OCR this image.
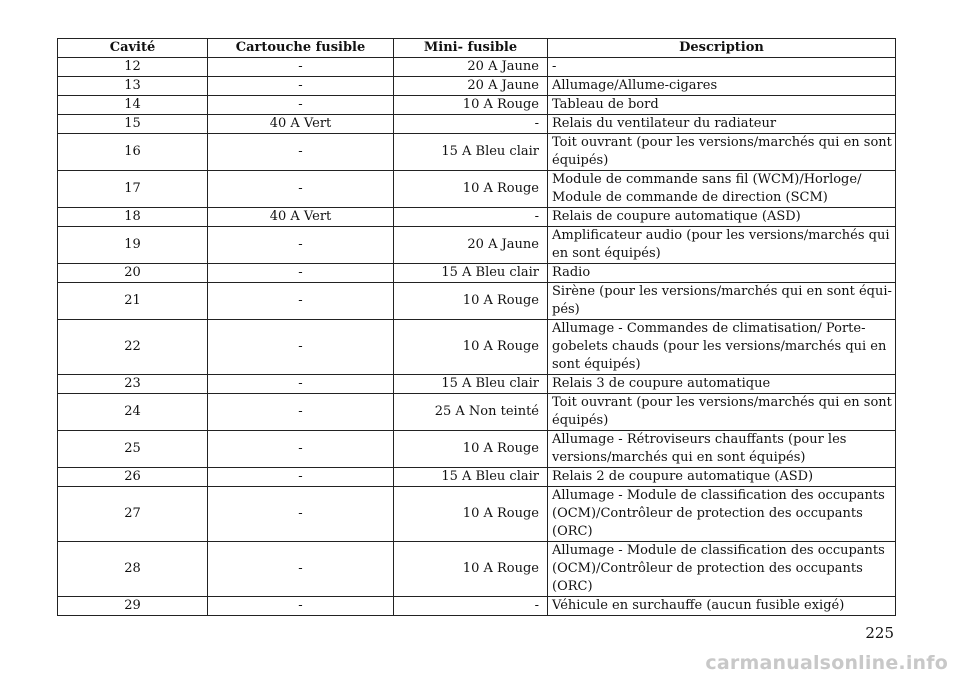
Cavité	Cartouche fusible	Mini- fusible	Description
12	-	20 A Jaune	-
13	-	20 A Jaune	Allumage/Allume-cigares
14	-	10 A Rouge	Tableau de bord
15	40 A Vert	-	Relais du ventilateur du radiateur
16	-	15 A Bleu clair	Toit ouvrant (pour les versions/marchés qui en sont équipés)
17	-	10 A Rouge	Module de commande sans fil (WCM)/Horloge/ Module de commande de direction (SCM)
18	40 A Vert	-	Relais de coupure automatique (ASD)
19	-	20 A Jaune	Amplificateur audio (pour les versions/marchés qui en sont équipés)
20	-	15 A Bleu clair	Radio
21	-	10 A Rouge	Sirène (pour les versions/marchés qui en sont équi- pés)
22	-	10 A Rouge	Allumage - Commandes de climatisation/ Porte- gobelets chauds (pour les versions/marchés qui en sont équipés)
23	-	15 A Bleu clair	Relais 3 de coupure automatique
24	-	25 A Non teinté	Toit ouvrant (pour les versions/marchés qui en sont équipés)
25	-	10 A Rouge	Allumage - Rétroviseurs chauffants (pour les versions/marchés qui en sont équipés)
26	-	15 A Bleu clair	Relais 2 de coupure automatique (ASD)
27	-	10 A Rouge	Allumage - Module de classification des occupants (OCM)/Contrôleur de protection des occupants (ORC)
28	-	10 A Rouge	Allumage - Module de classification des occupants (OCM)/Contrôleur de protection des occupants (ORC)
29	-	-	Véhicule en surchauffe (aucun fusible exigé)
225
carmanualsonline.info
